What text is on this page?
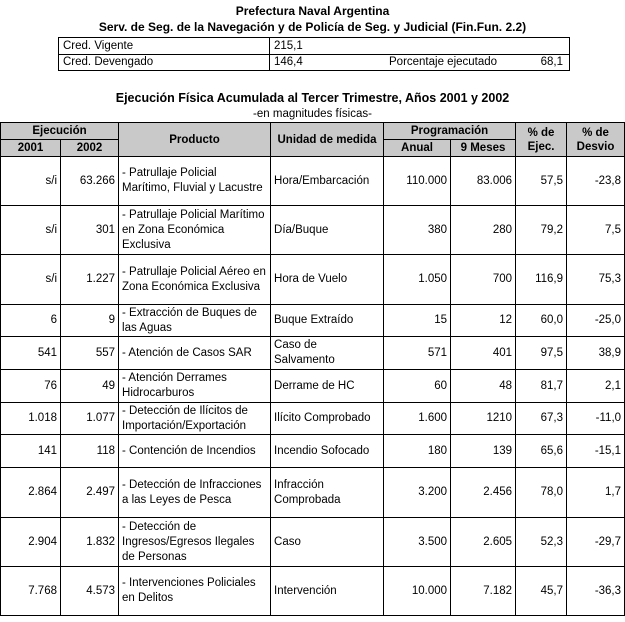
Prefectura Naval Argentina
Serv. de Seg. de la Navegación y de Policía de Seg. y Judicial (Fin.Fun. 2.2)
Cred. Vigente	215,1
Cred. Devengado	146,4	Porcentaje ejecutado	68,1
Ejecución Física Acumulada al Tercer Trimestre, Años 2001 y 2002
-en magnitudes físicas-
Ejecución		Producto	Unidad de medida	Programación		% de Ejec.	% de Desvio
2001	2002			Anual	9 Meses		
s/i	63.266	- Patrullaje Policial Marítimo, Fluvial y Lacustre	Hora/Embarcación	110.000	83.006	57,5	-23,8
s/i	301	- Patrullaje Policial Marítimo en Zona Económica Exclusiva	Día/Buque	380	280	79,2	7,5
s/i	1.227	- Patrullaje Policial Aéreo en Zona Económica Exclusiva	Hora de Vuelo	1.050	700	116,9	75,3
6	9	- Extracción de Buques de las Aguas	Buque Extraído	15	12	60,0	-25,0
541	557	- Atención de Casos SAR	Caso de Salvamento	571	401	97,5	38,9
76	49	- Atención Derrames Hidrocarburos	Derrame de HC	60	48	81,7	2,1
1.018	1.077	- Detección de Ilícitos de Importación/Exportación	Ilícito Comprobado	1.600	1210	67,3	-11,0
141	118	- Contención de Incendios	Incendio Sofocado	180	139	65,6	-15,1
2.864	2.497	- Detección de Infracciones a las Leyes de Pesca	Infracción Comprobada	3.200	2.456	78,0	1,7
2.904	1.832	- Detección de Ingresos/Egresos Ilegales de Personas	Caso	3.500	2.605	52,3	-29,7
7.768	4.573	- Intervenciones Policiales en Delitos	Intervención	10.000	7.182	45,7	-36,3
